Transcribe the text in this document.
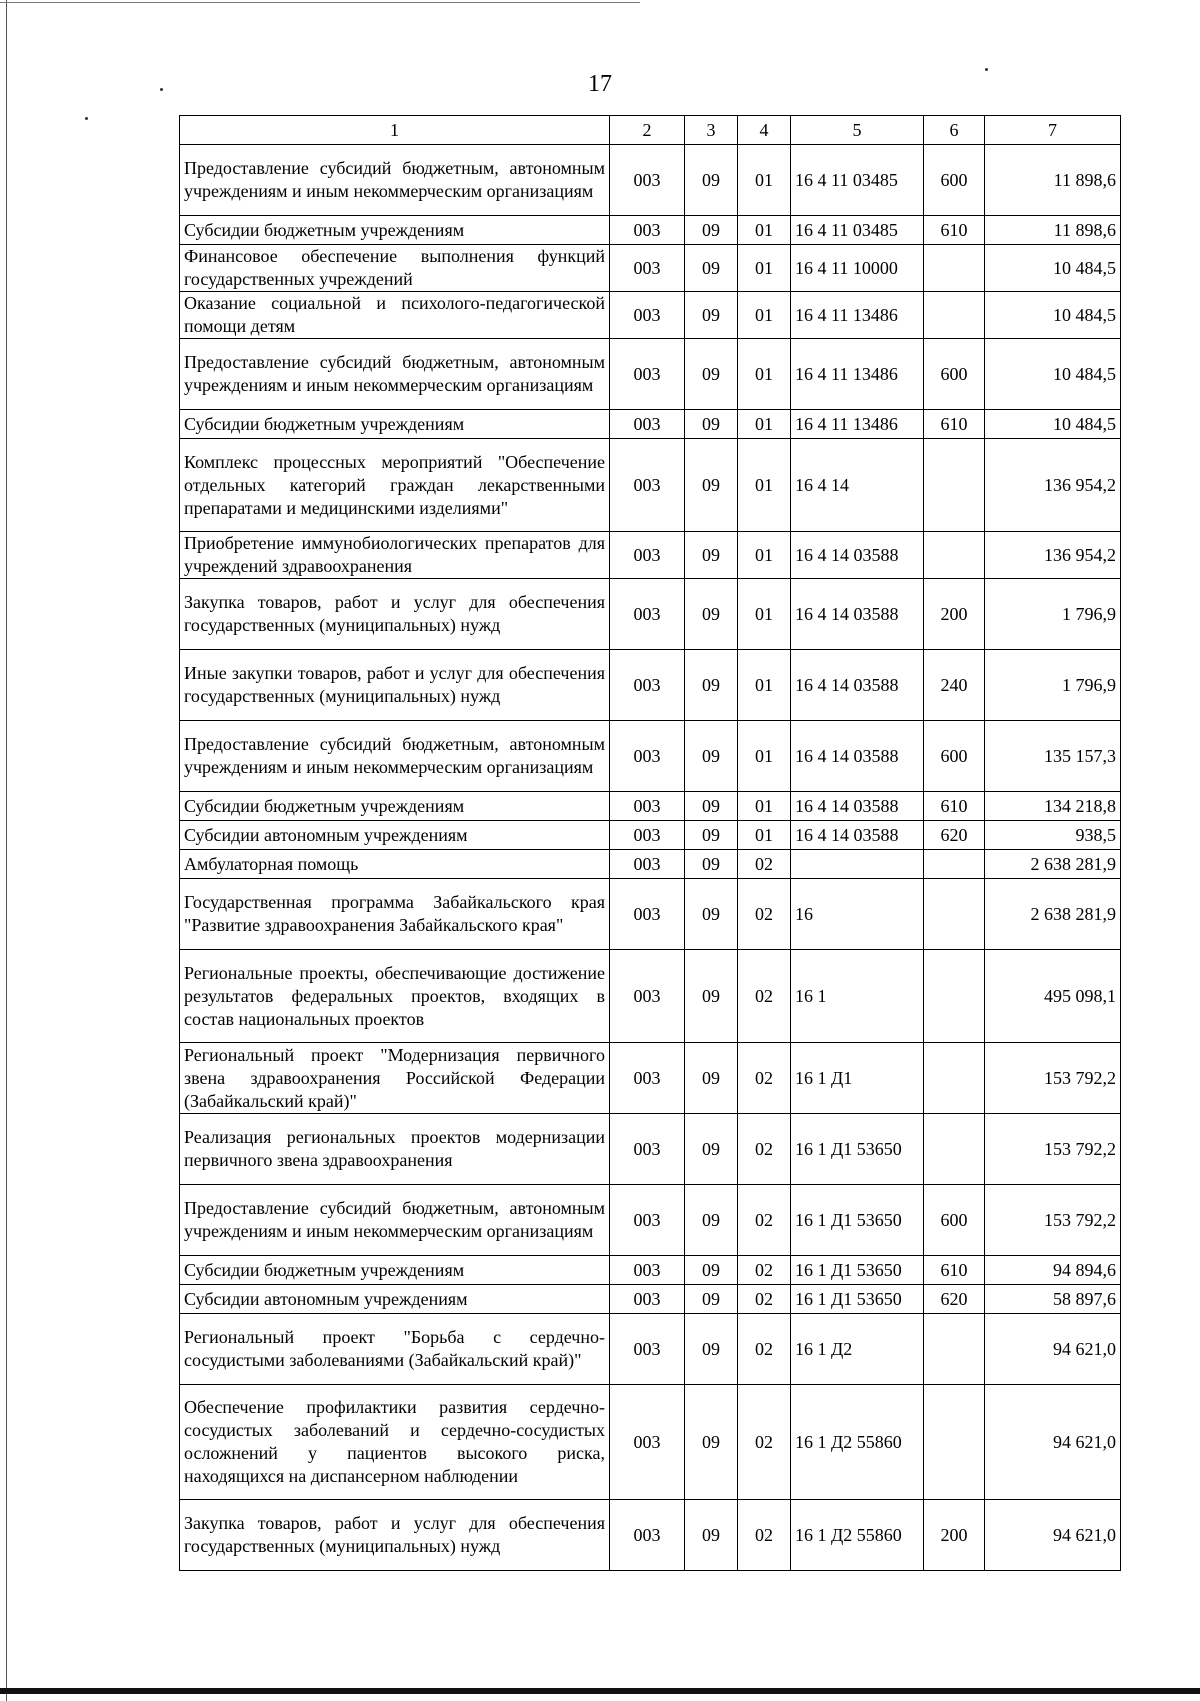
17
1	2	3	4	5	6	7
Предоставление субсидий бюджетным, автономным учреждениям и иным некоммерческим организациям	003	09	01	16 4 11 03485	600	11 898,6
Субсидии бюджетным учреждениям	003	09	01	16 4 11 03485	610	11 898,6
Финансовое обеспечение выполнения функций государственных учреждений	003	09	01	16 4 11 10000		10 484,5
Оказание социальной и психолого-педагогической помощи детям	003	09	01	16 4 11 13486		10 484,5
Предоставление субсидий бюджетным, автономным учреждениям и иным некоммерческим организациям	003	09	01	16 4 11 13486	600	10 484,5
Субсидии бюджетным учреждениям	003	09	01	16 4 11 13486	610	10 484,5
Комплекс процессных мероприятий "Обеспечение отдельных категорий граждан лекарственными препаратами и медицинскими изделиями"	003	09	01	16 4 14		136 954,2
Приобретение иммунобиологических препаратов для учреждений здравоохранения	003	09	01	16 4 14 03588		136 954,2
Закупка товаров, работ и услуг для обеспечения государственных (муниципальных) нужд	003	09	01	16 4 14 03588	200	1 796,9
Иные закупки товаров, работ и услуг для обеспечения государственных (муниципальных) нужд	003	09	01	16 4 14 03588	240	1 796,9
Предоставление субсидий бюджетным, автономным учреждениям и иным некоммерческим организациям	003	09	01	16 4 14 03588	600	135 157,3
Субсидии бюджетным учреждениям	003	09	01	16 4 14 03588	610	134 218,8
Субсидии автономным учреждениям	003	09	01	16 4 14 03588	620	938,5
Амбулаторная помощь	003	09	02			2 638 281,9
Государственная программа Забайкальского края "Развитие здравоохранения Забайкальского края"	003	09	02	16		2 638 281,9
Региональные проекты, обеспечивающие достижение результатов федеральных проектов, входящих в состав национальных проектов	003	09	02	16 1		495 098,1
Региональный проект "Модернизация первичного звена здравоохранения Российской Федерации (Забайкальский край)"	003	09	02	16 1 Д1		153 792,2
Реализация региональных проектов модернизации первичного звена здравоохранения	003	09	02	16 1 Д1 53650		153 792,2
Предоставление субсидий бюджетным, автономным учреждениям и иным некоммерческим организациям	003	09	02	16 1 Д1 53650	600	153 792,2
Субсидии бюджетным учреждениям	003	09	02	16 1 Д1 53650	610	94 894,6
Субсидии автономным учреждениям	003	09	02	16 1 Д1 53650	620	58 897,6
Региональный проект "Борьба с сердечно-сосудистыми заболеваниями (Забайкальский край)"	003	09	02	16 1 Д2		94 621,0
Обеспечение профилактики развития сердечно-сосудистых заболеваний и сердечно-сосудистых осложнений у пациентов высокого риска, находящихся на диспансерном наблюдении	003	09	02	16 1 Д2 55860		94 621,0
Закупка товаров, работ и услуг для обеспечения государственных (муниципальных) нужд	003	09	02	16 1 Д2 55860	200	94 621,0
